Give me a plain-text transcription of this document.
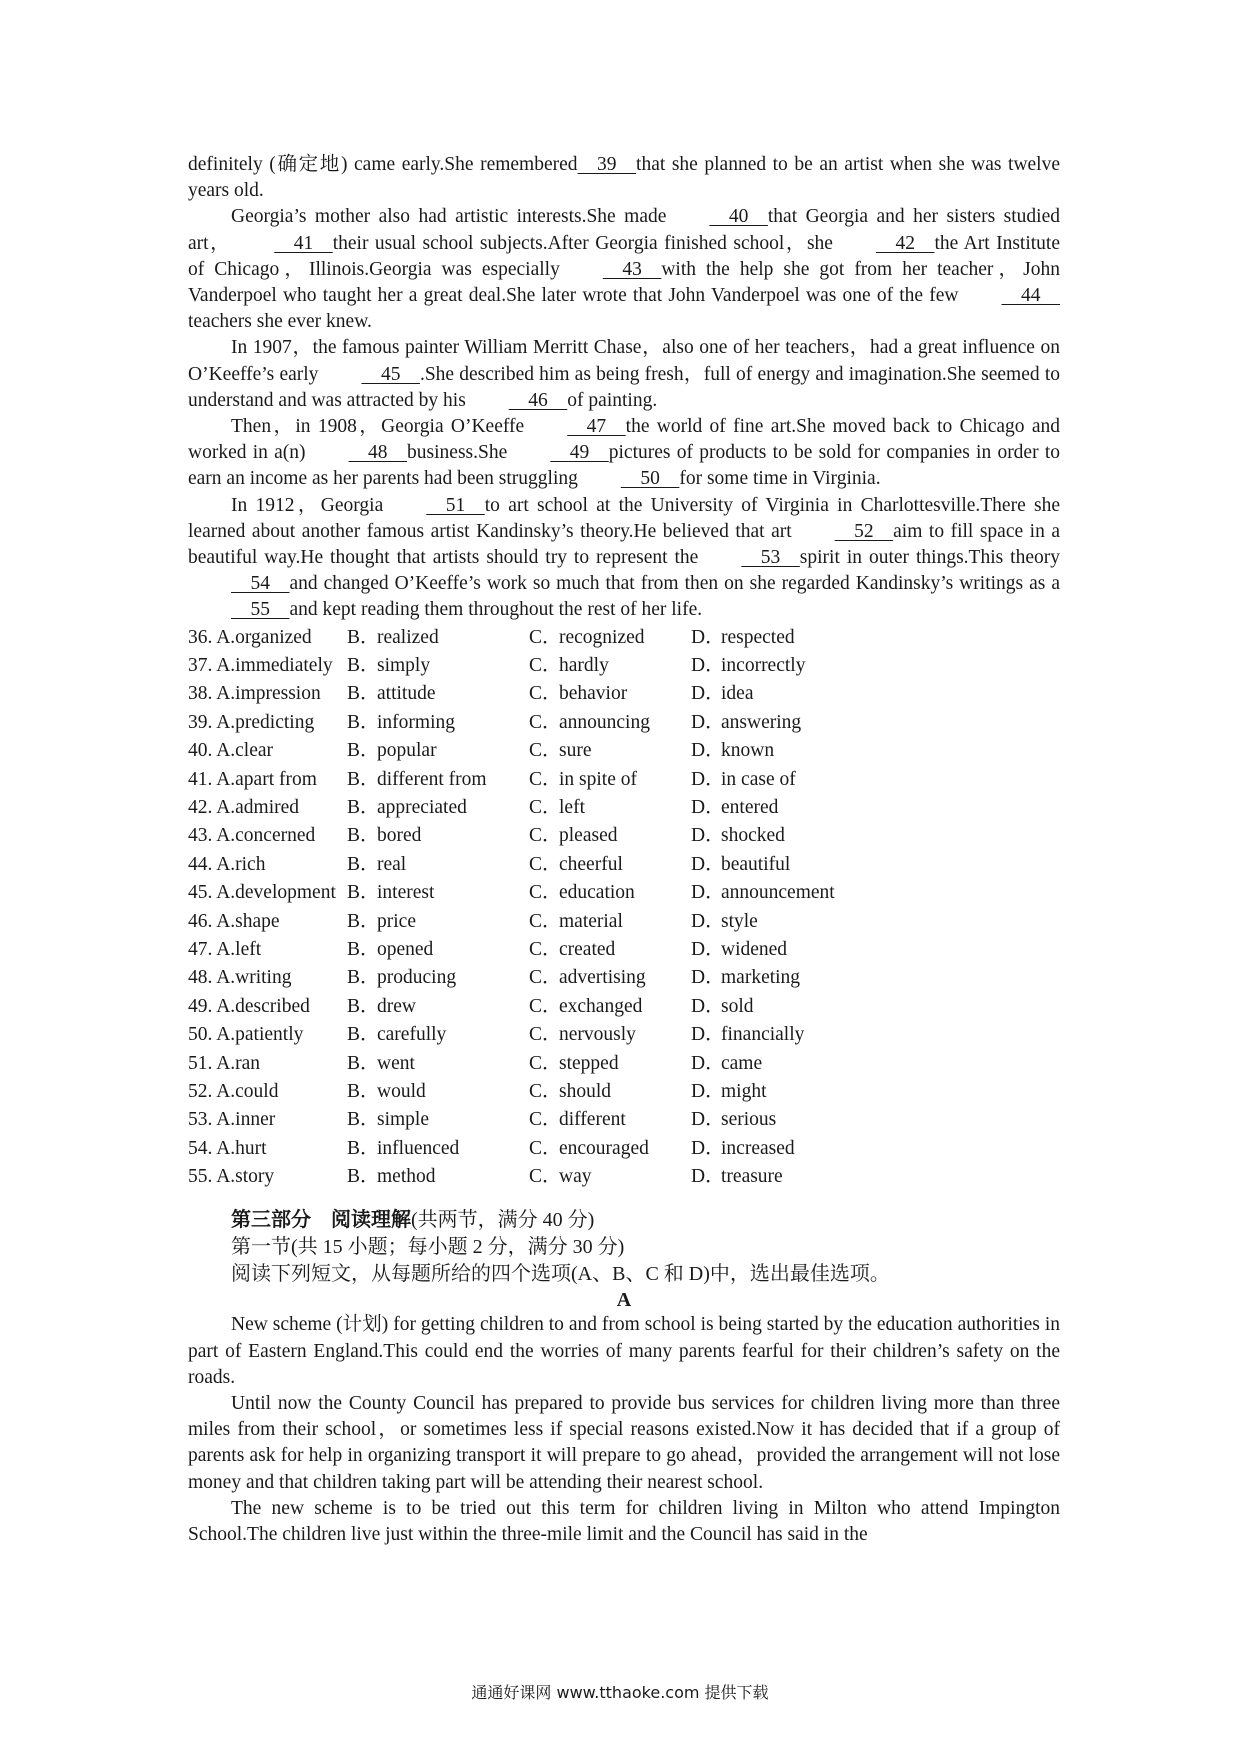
definitely (确定地) came early.She remembered 39 that she planned to be an artist when she was twelve years old.

Georgia’s mother also had artistic interests.She made 40 that Georgia and her sisters studied art， 41 their usual school subjects.After Georgia finished school，she 42 the Art Institute of Chicago，Illinois.Georgia was especially 43 with the help she got from her teacher，John Vanderpoel who taught her a great deal.She later wrote that John Vanderpoel was one of the few 44 teachers she ever knew.

In 1907，the famous painter William Merritt Chase，also one of her teachers，had a great influence on O’Keeffe’s early 45 .She described him as being fresh，full of energy and imagination.She seemed to understand and was attracted by his 46 of painting.

Then，in 1908，Georgia O’Keeffe 47 the world of fine art.She moved back to Chicago and worked in a(n) 48 business.She 49 pictures of products to be sold for companies in order to earn an income as her parents had been struggling 50 for some time in Virginia.

In 1912，Georgia 51 to art school at the University of Virginia in Charlottesville.There she learned about another famous artist Kandinsky’s theory.He believed that art 52 aim to fill space in a beautiful way.He thought that artists should try to represent the 53 spirit in outer things.This theory 54 and changed O’Keeffe’s work so much that from then on she regarded Kandinsky’s writings as a 55 and kept reading them throughout the rest of her life.

36. A.organized	B．realized	C．recognized	D．respected
37. A.immediately B．simply	C．hardly	D．incorrectly
38. A.impression	B．attitude	C．behavior	D．idea
39. A.predicting	B．informing	C．announcing	D．answering
40. A.clear	B．popular	C．sure	D．known
41. A.apart from	B．different from	C．in spite of	D．in case of
42. A.admired	B．appreciated	C．left	D．entered
43. A.concerned	B．bored	C．pleased	D．shocked
44. A.rich	B．real	C．cheerful	D．beautiful
45. A.development B．interest	C．education	D．announcement
46. A.shape	B．price	C．material	D．style
47. A.left	B．opened	C．created	D．widened
48. A.writing	B．producing	C．advertising	D．marketing
49. A.described	B．drew	C．exchanged	D．sold
50. A.patiently	B．carefully	C．nervously	D．financially
51. A.ran	B．went	C．stepped	D．came
52. A.could	B．would	C．should	D．might
53. A.inner	B．simple	C．different	D．serious
54. A.hurt	B．influenced	C．encouraged	D．increased
55. A.story	B．method	C．way	D．treasure
第三部分　阅读理解(共两节，满分 40 分)
第一节(共 15 小题；每小题 2 分，满分 30 分)
阅读下列短文，从每题所给的四个选项(A、B、C 和 D)中，选出最佳选项。
A

New scheme (计划) for getting children to and from school is being started by the education authorities in part of Eastern England.This could end the worries of many parents fearful for their children’s safety on the roads.

Until now the County Council has prepared to provide bus services for children living more than three miles from their school，or sometimes less if special reasons existed.Now it has decided that if a group of parents ask for help in organizing transport it will prepare to go ahead，provided the arrangement will not lose money and that children taking part will be attending their nearest school.

The new scheme is to be tried out this term for children living in Milton who attend Impington School.The children live just within the three-mile limit and the Council has said in the

通通好课网 www.tthaoke.com 提供下载
